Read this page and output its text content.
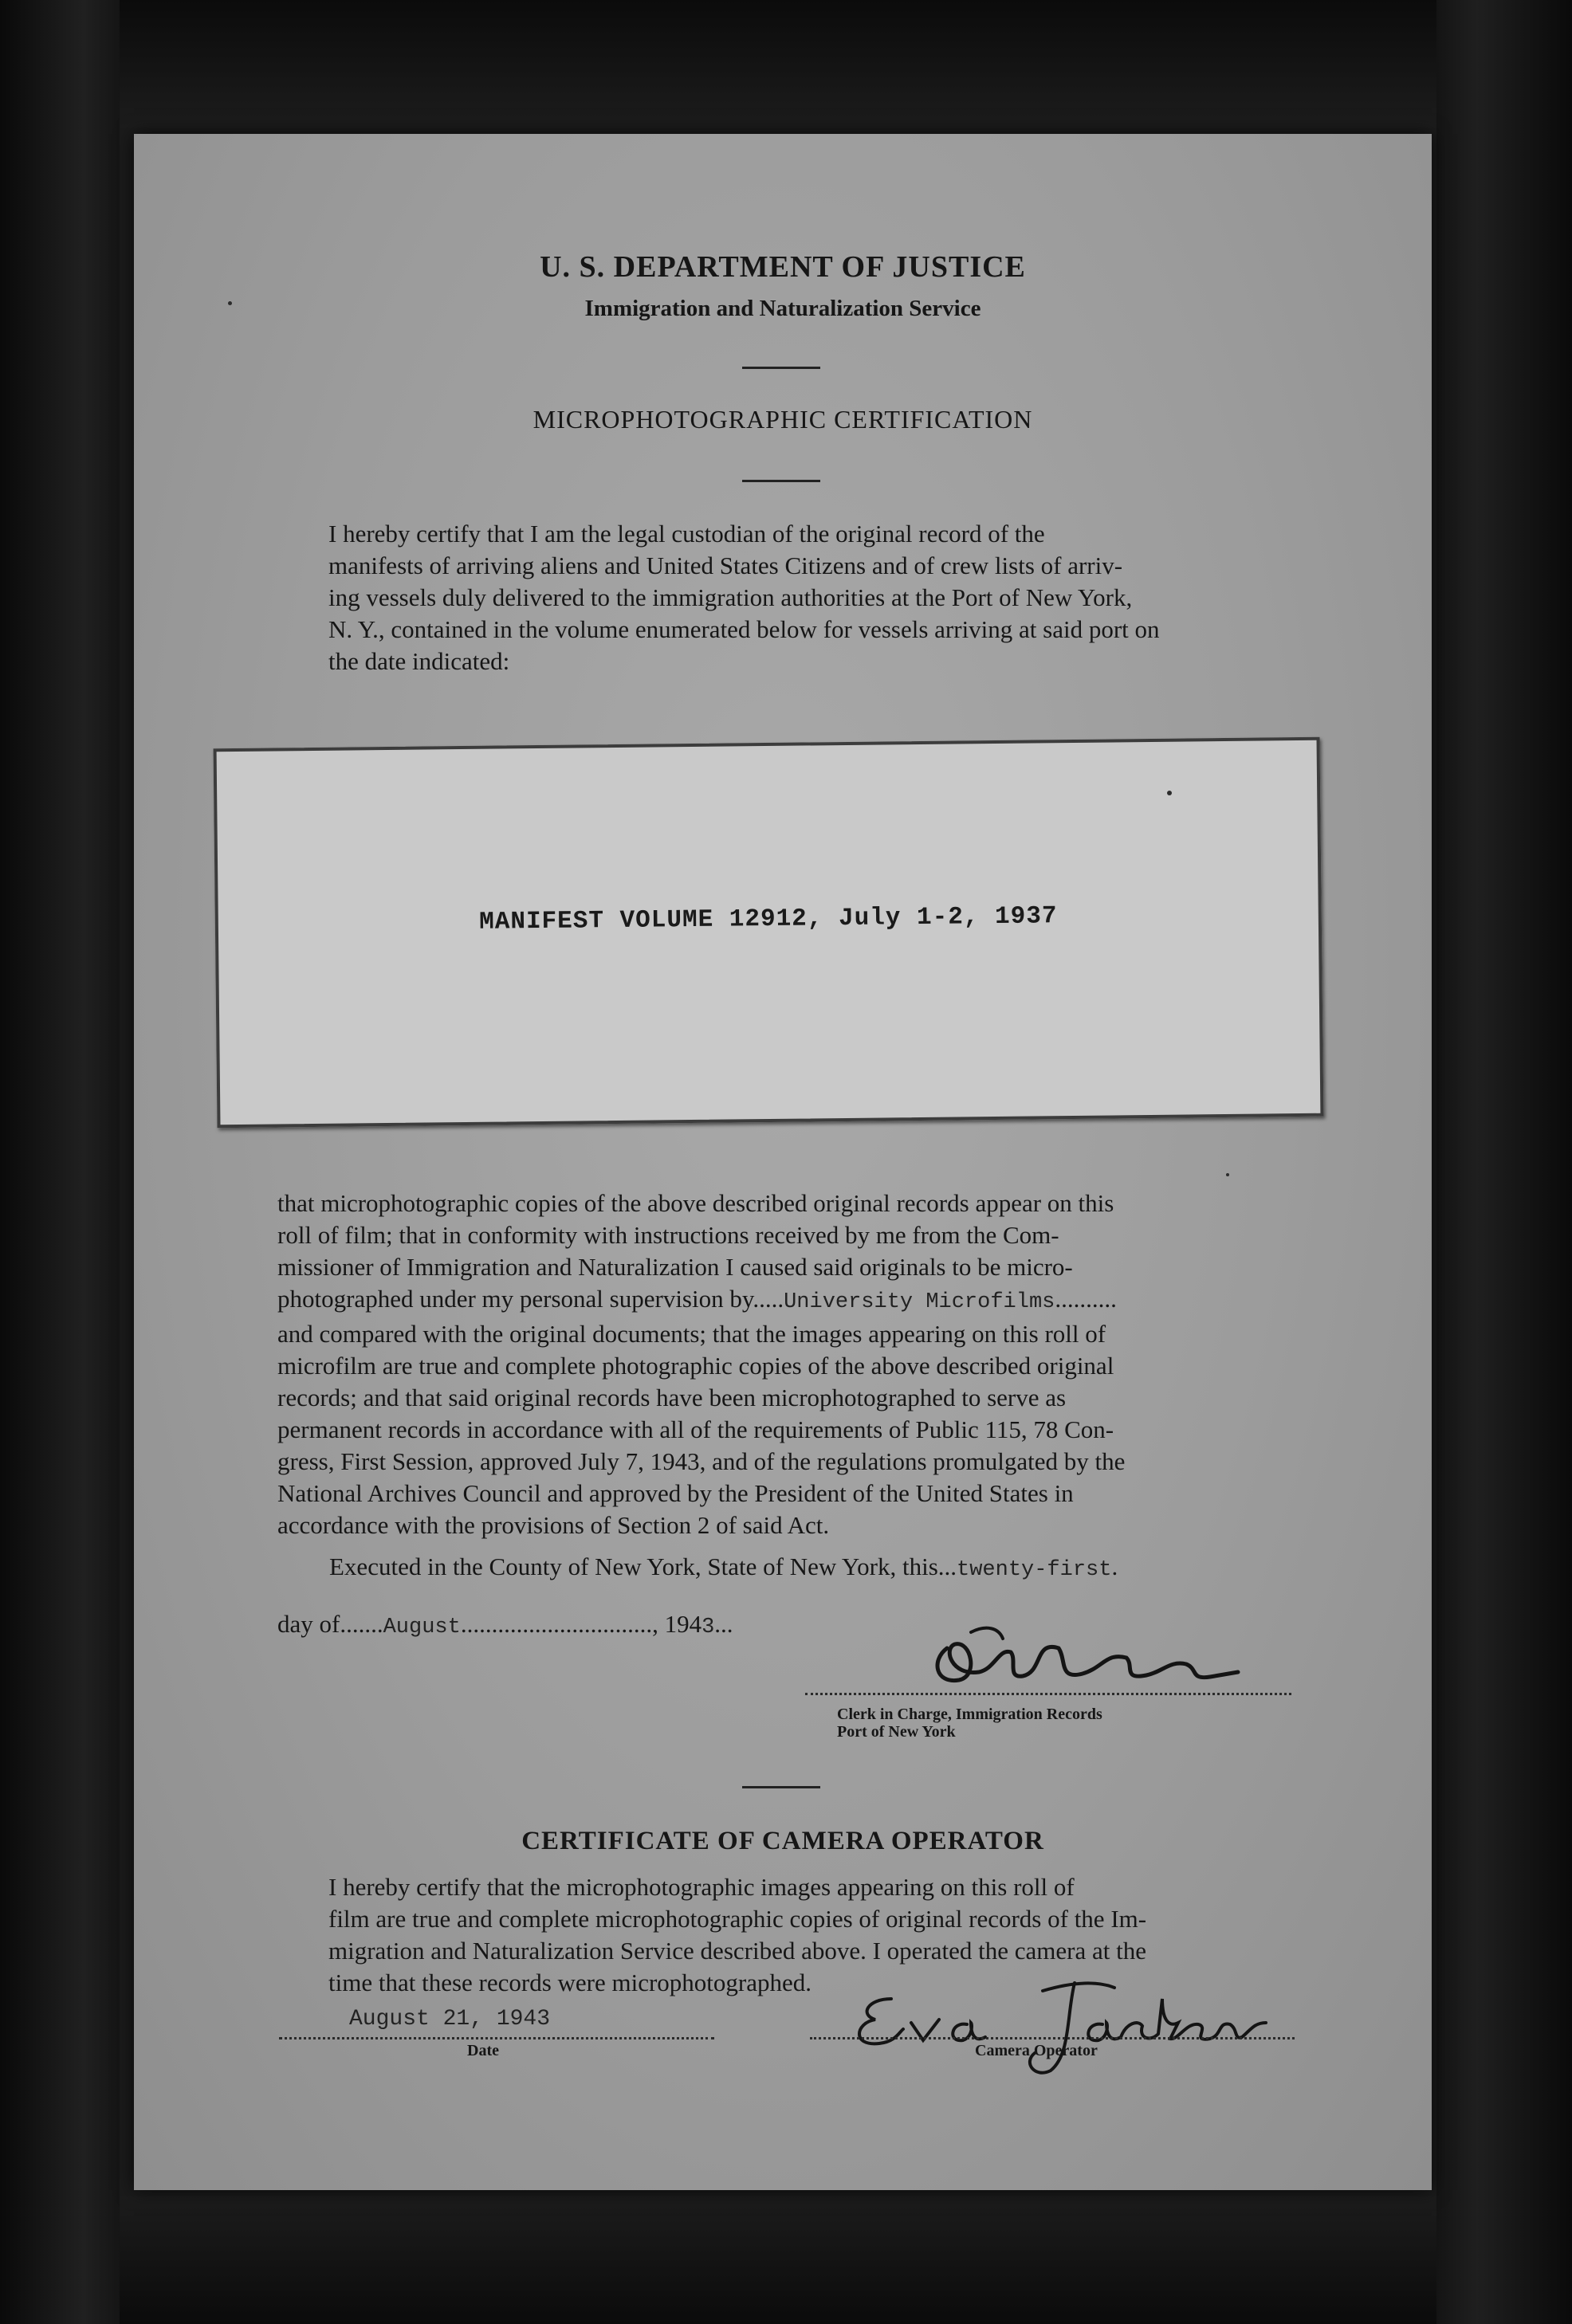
U. S. DEPARTMENT OF JUSTICE
Immigration and Naturalization Service
MICROPHOTOGRAPHIC CERTIFICATION
I hereby certify that I am the legal custodian of the original record of the
manifests of arriving aliens and United States Citizens and of crew lists of arriv-
ing vessels duly delivered to the immigration authorities at the Port of New York,
N. Y., contained in the volume enumerated below for vessels arriving at said port on
the date indicated:
MANIFEST VOLUME 12912, July 1-2, 1937
that microphotographic copies of the above described original records appear on this
roll of film; that in conformity with instructions received by me from the Com-
missioner of Immigration and Naturalization I caused said originals to be micro-
photographed under my personal supervision by.....University Microfilms..........
and compared with the original documents; that the images appearing on this roll of
microfilm are true and complete photographic copies of the above described original
records; and that said original records have been microphotographed to serve as
permanent records in accordance with all of the requirements of Public 115, 78 Con-
gress, First Session, approved July 7, 1943, and of the regulations promulgated by the
National Archives Council and approved by the President of the United States in
accordance with the provisions of Section 2 of said Act.
Executed in the County of New York, State of New York, this...twenty-first.
day of.......August..............................., 1943...
Clerk in Charge, Immigration Records
Port of New York
CERTIFICATE OF CAMERA OPERATOR
I hereby certify that the microphotographic images appearing on this roll of
film are true and complete microphotographic copies of original records of the Im-
migration and Naturalization Service described above. I operated the camera at the
time that these records were microphotographed.
August 21, 1943
Date	Camera Operator
